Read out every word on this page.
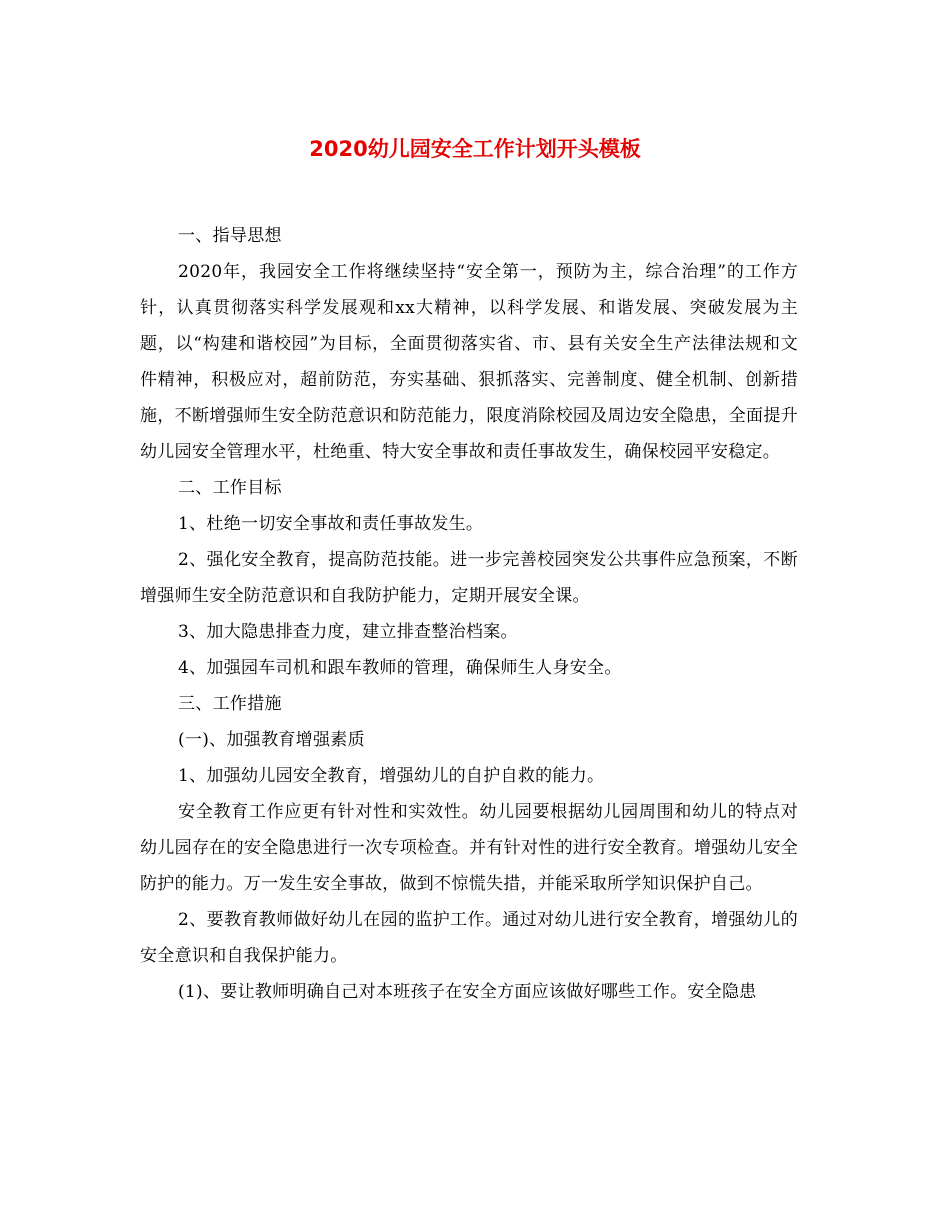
2020幼儿园安全工作计划开头模板

一、指导思想

2020年，我园安全工作将继续坚持“安全第一，预防为主，综合治理”的工作方针，认真贯彻落实科学发展观和xx大精神，以科学发展、和谐发展、突破发展为主题，以“构建和谐校园”为目标，全面贯彻落实省、市、县有关安全生产法律法规和文件精神，积极应对，超前防范，夯实基础、狠抓落实、完善制度、健全机制、创新措施，不断增强师生安全防范意识和防范能力，限度消除校园及周边安全隐患，全面提升幼儿园安全管理水平，杜绝重、特大安全事故和责任事故发生，确保校园平安稳定。

二、工作目标

1、杜绝一切安全事故和责任事故发生。

2、强化安全教育，提高防范技能。进一步完善校园突发公共事件应急预案，不断增强师生安全防范意识和自我防护能力，定期开展安全课。

3、加大隐患排查力度，建立排查整治档案。

4、加强园车司机和跟车教师的管理，确保师生人身安全。

三、工作措施

(一)、加强教育增强素质

1、加强幼儿园安全教育，增强幼儿的自护自救的能力。

安全教育工作应更有针对性和实效性。幼儿园要根据幼儿园周围和幼儿的特点对幼儿园存在的安全隐患进行一次专项检查。并有针对性的进行安全教育。增强幼儿安全防护的能力。万一发生安全事故，做到不惊慌失措，并能采取所学知识保护自己。

2、要教育教师做好幼儿在园的监护工作。通过对幼儿进行安全教育，增强幼儿的安全意识和自我保护能力。

(1)、要让教师明确自己对本班孩子在安全方面应该做好哪些工作。安全隐患
